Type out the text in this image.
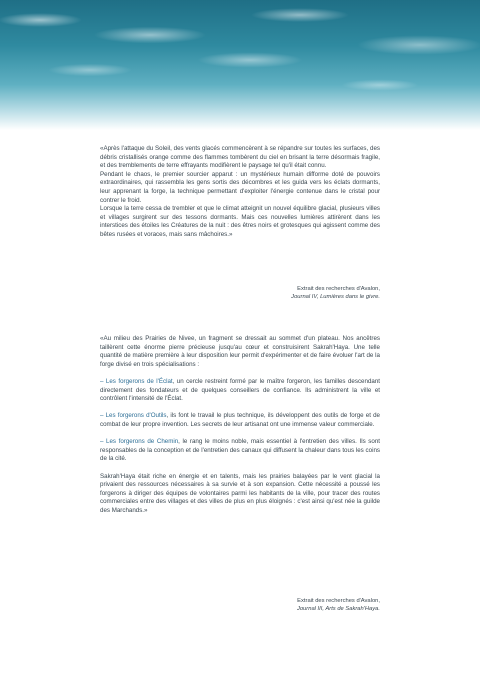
«Après l'attaque du Soleil, des vents glacés commencèrent à se répandre sur toutes les surfaces, des débris cristallisés orange comme des flammes tombèrent du ciel en brisant la terre désormais fragile, et des tremblements de terre effrayants modifièrent le paysage tel qu'il était connu.

Pendant le chaos, le premier sourcier apparut : un mystérieux humain difforme doté de pouvoirs extraordinaires, qui rassembla les gens sortis des décombres et les guida vers les éclats dormants, leur apprenant la forge, la technique permettant d'exploiter l'énergie contenue dans le cristal pour contrer le froid.

Lorsque la terre cessa de trembler et que le climat atteignit un nouvel équilibre glacial, plusieurs villes et villages surgirent sur des tessons dormants. Mais ces nouvelles lumières attirèrent dans les interstices des étoiles les Créatures de la nuit : des êtres noirs et grotesques qui agissent comme des bêtes rusées et voraces, mais sans mâchoires.»

Extrait des recherches d'Avalon,
Journal IV, Lumières dans le givre.

«Au milieu des Prairies de Nivee, un fragment se dressait au sommet d'un plateau. Nos ancêtres taillèrent cette énorme pierre précieuse jusqu'au cœur et construisirent Sakrah'Haya. Une telle quantité de matière première à leur disposition leur permit d'expérimenter et de faire évoluer l'art de la forge divisé en trois spécialisations :

– Les forgerons de l'Éclat, un cercle restreint formé par le maître forgeron, les familles descendant directement des fondateurs et de quelques conseillers de confiance. Ils administrent la ville et contrôlent l'intensité de l'Éclat.

– Les forgerons d'Outils, ils font le travail le plus technique, ils développent des outils de forge et de combat de leur propre invention. Les secrets de leur artisanat ont une immense valeur commerciale.

– Les forgerons de Chemin, le rang le moins noble, mais essentiel à l'entretien des villes. Ils sont responsables de la conception et de l'entretien des canaux qui diffusent la chaleur dans tous les coins de la cité.

Sakrah'Haya était riche en énergie et en talents, mais les prairies balayées par le vent glacial la privaient des ressources nécessaires à sa survie et à son expansion. Cette nécessité a poussé les forgerons à diriger des équipes de volontaires parmi les habitants de la ville, pour tracer des routes commerciales entre des villages et des villes de plus en plus éloignés : c'est ainsi qu'est née la guilde des Marchands.»

Extrait des recherches d'Avalon,
Journal III, Arts de Sakrah'Haya.
